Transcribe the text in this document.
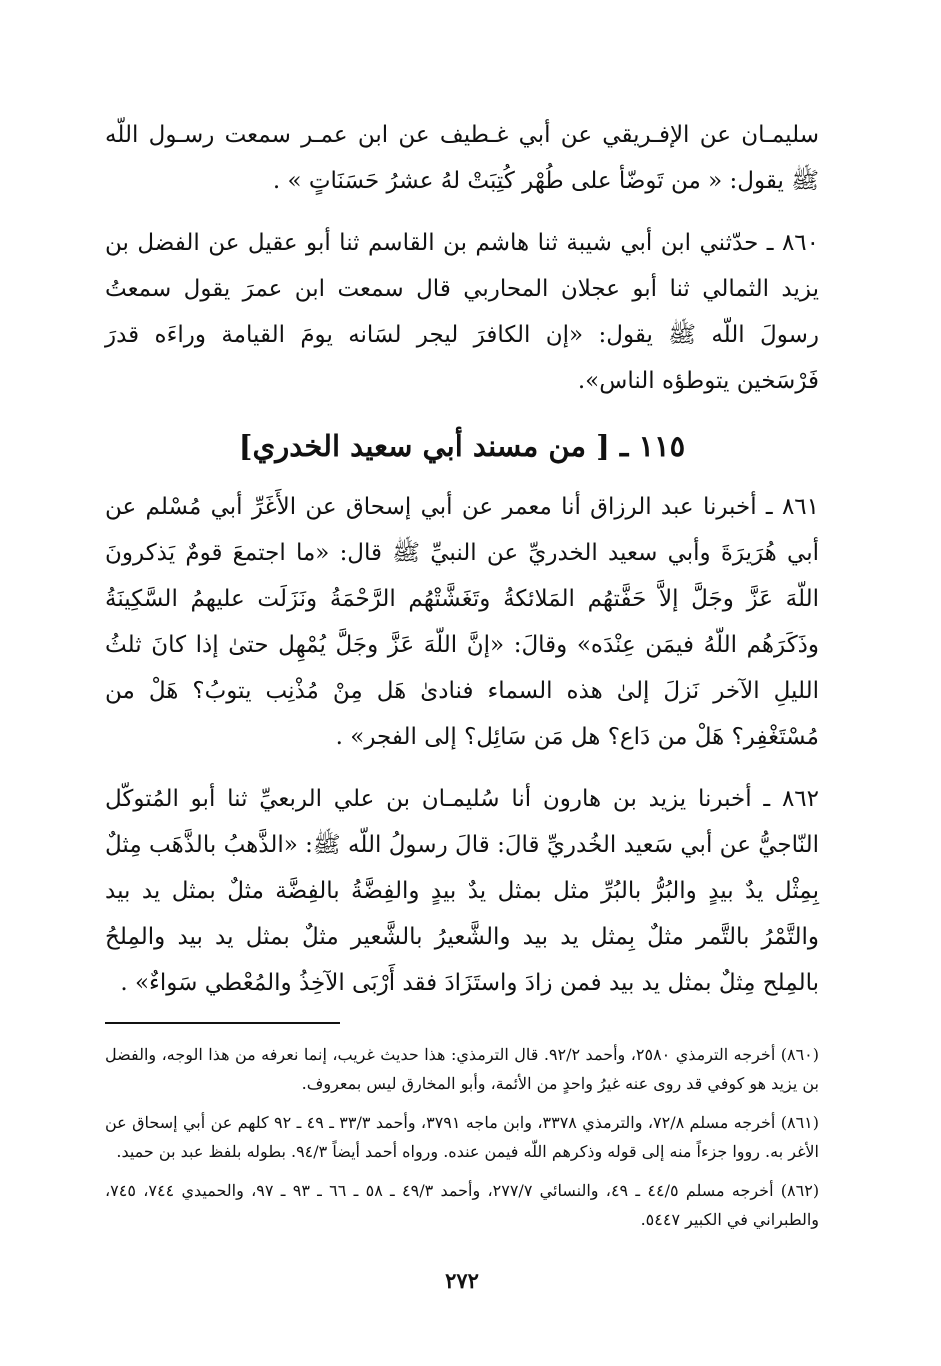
سليمـان عن الإفـريقي عن أبي غـطيف عن ابن عمـر سمعت رسـول اللّه ﷺ يقول: « من تَوضّأ على طُهْر كُتِبَتْ لهُ عشرُ حَسَنَاتٍ » .

٨٦٠ ـ حدّثني ابن أبي شيبة ثنا هاشم بن القاسم ثنا أبو عقيل عن الفضل بن يزيد الثمالي ثنا أبو عجلان المحاربي قال سمعت ابن عمرَ يقول سمعتُ رسولَ اللّه ﷺ يقول: «إن الكافرَ ليجر لسَانه يومَ القيامة وراءَه قدرَ فَرْسَخين يتوطؤه الناس».

١١٥ ـ [ من مسند أبي سعيد الخدري]

٨٦١ ـ أخبرنا عبد الرزاق أنا معمر عن أبي إسحاق عن الأَغَرِّ أبي مُسْلم عن أبي هُرَيرَةَ وأبي سعيد الخدريِّ عن النبيِّ ﷺ قال: «ما اجتمعَ قومٌ يَذكرونَ اللّهَ عَزَّ وجَلَّ إلاَّ حَفَّتهُم المَلائكةُ وتَغَشَّتْهُم الرَّحْمَةُ ونَزَلَت عليهمُ السَّكِينَةُ وذَكَرَهُم اللّهُ فيمَن عِنْدَه» وقالَ: «إنَّ اللّهَ عَزَّ وجَلَّ يُمْهِل حتىٰ إذا كانَ ثلثُ الليلِ الآخر نَزلَ إلىٰ هذه السماء فنادىٰ هَل مِنْ مُذْنِب يتوبُ؟ هَلْ من مُسْتَغْفِر؟ هَلْ من دَاع؟ هل مَن سَائِل؟ إلى الفجر» .

٨٦٢ ـ أخبرنا يزيد بن هارون أنا سُليمـان بن علي الربعيِّ ثنا أبو المُتوكّل النّاجيُّ عن أبي سَعيد الخُدريِّ قالَ: قالَ رسولُ اللّه ﷺ: «الذَّهبُ بالذَّهَب مِثلٌ بِمِثْل يدٌ بيدٍ والبُرُّ بالبُرِّ مثل بمثل يدٌ بيدٍ والفِضَّةُ بالفِضَّة مثلٌ بمثل يد بيد والتَّمْرُ بالتَّمر مثلٌ بِمثل يد بيد والشَّعيرُ بالشَّعير مثلٌ بمثل يد بيد والمِلحُ بالمِلح مِثلٌ بمثل يد بيد فمن زادَ واستَزَادَ فقد أَرْبَى الآخِذُ والمُعْطي سَواءٌ» .

(٨٦٠) أخرجه الترمذي ٢٥٨٠، وأحمد ٩٢/٢. قال الترمذي: هذا حديث غريب، إنما نعرفه من هذا الوجه، والفضل بن يزيد هو كوفي قد روى عنه غيرُ واحدٍ من الأئمة، وأبو المخارق ليس بمعروف.

(٨٦١) أخرجه مسلم ٧٢/٨، والترمذي ٣٣٧٨، وابن ماجه ٣٧٩١، وأحمد ٣٣/٣ ـ ٤٩ ـ ٩٢ كلهم عن أبي إسحاق عن الأغر به. رووا جزءاً منه إلى قوله وذكرهم اللّه فيمن عنده. ورواه أحمد أيضاً ٩٤/٣. بطوله بلفظ عبد بن حميد.

(٨٦٢) أخرجه مسلم ٤٤/٥ ـ ٤٩، والنسائي ٢٧٧/٧، وأحمد ٤٩/٣ ـ ٥٨ ـ ٦٦ ـ ٩٣ ـ ٩٧، والحميدي ٧٤٤، ٧٤٥، والطبراني في الكبير ٥٤٤٧.

٢٧٢
